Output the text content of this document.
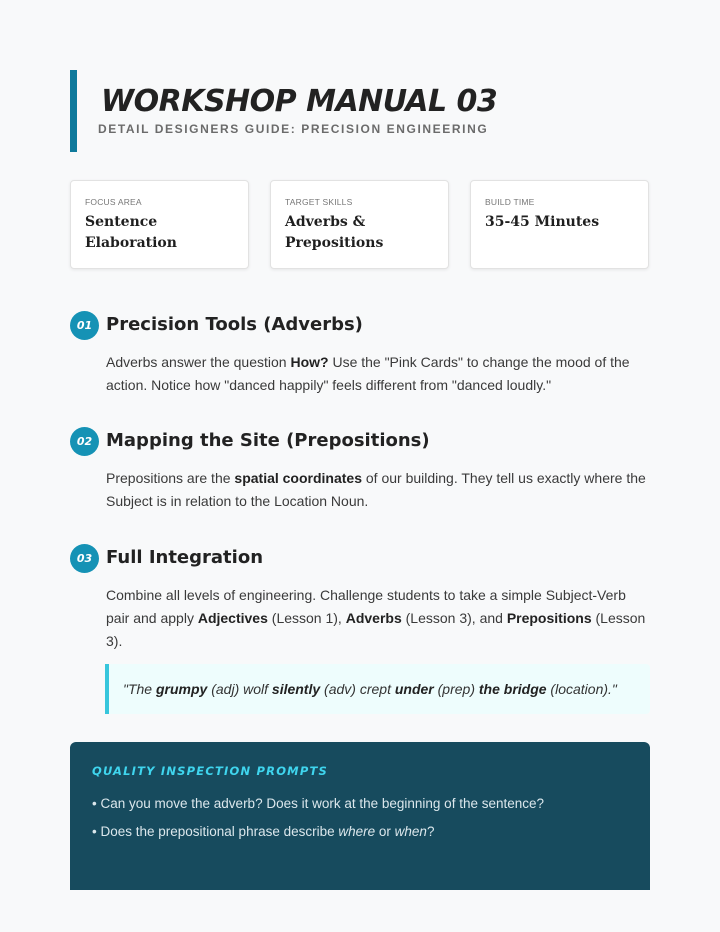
WORKSHOP MANUAL 03
DETAIL DESIGNERS GUIDE: PRECISION ENGINEERING
FOCUS AREA
Sentence Elaboration
TARGET SKILLS
Adverbs & Prepositions
BUILD TIME
35-45 Minutes
01 Precision Tools (Adverbs)
Adverbs answer the question How? Use the "Pink Cards" to change the mood of the action. Notice how "danced happily" feels different from "danced loudly."
02 Mapping the Site (Prepositions)
Prepositions are the spatial coordinates of our building. They tell us exactly where the Subject is in relation to the Location Noun.
03 Full Integration
Combine all levels of engineering. Challenge students to take a simple Subject-Verb pair and apply Adjectives (Lesson 1), Adverbs (Lesson 3), and Prepositions (Lesson 3).
"The grumpy (adj) wolf silently (adv) crept under (prep) the bridge (location)."
QUALITY INSPECTION PROMPTS
• Can you move the adverb? Does it work at the beginning of the sentence?
• Does the prepositional phrase describe where or when?
